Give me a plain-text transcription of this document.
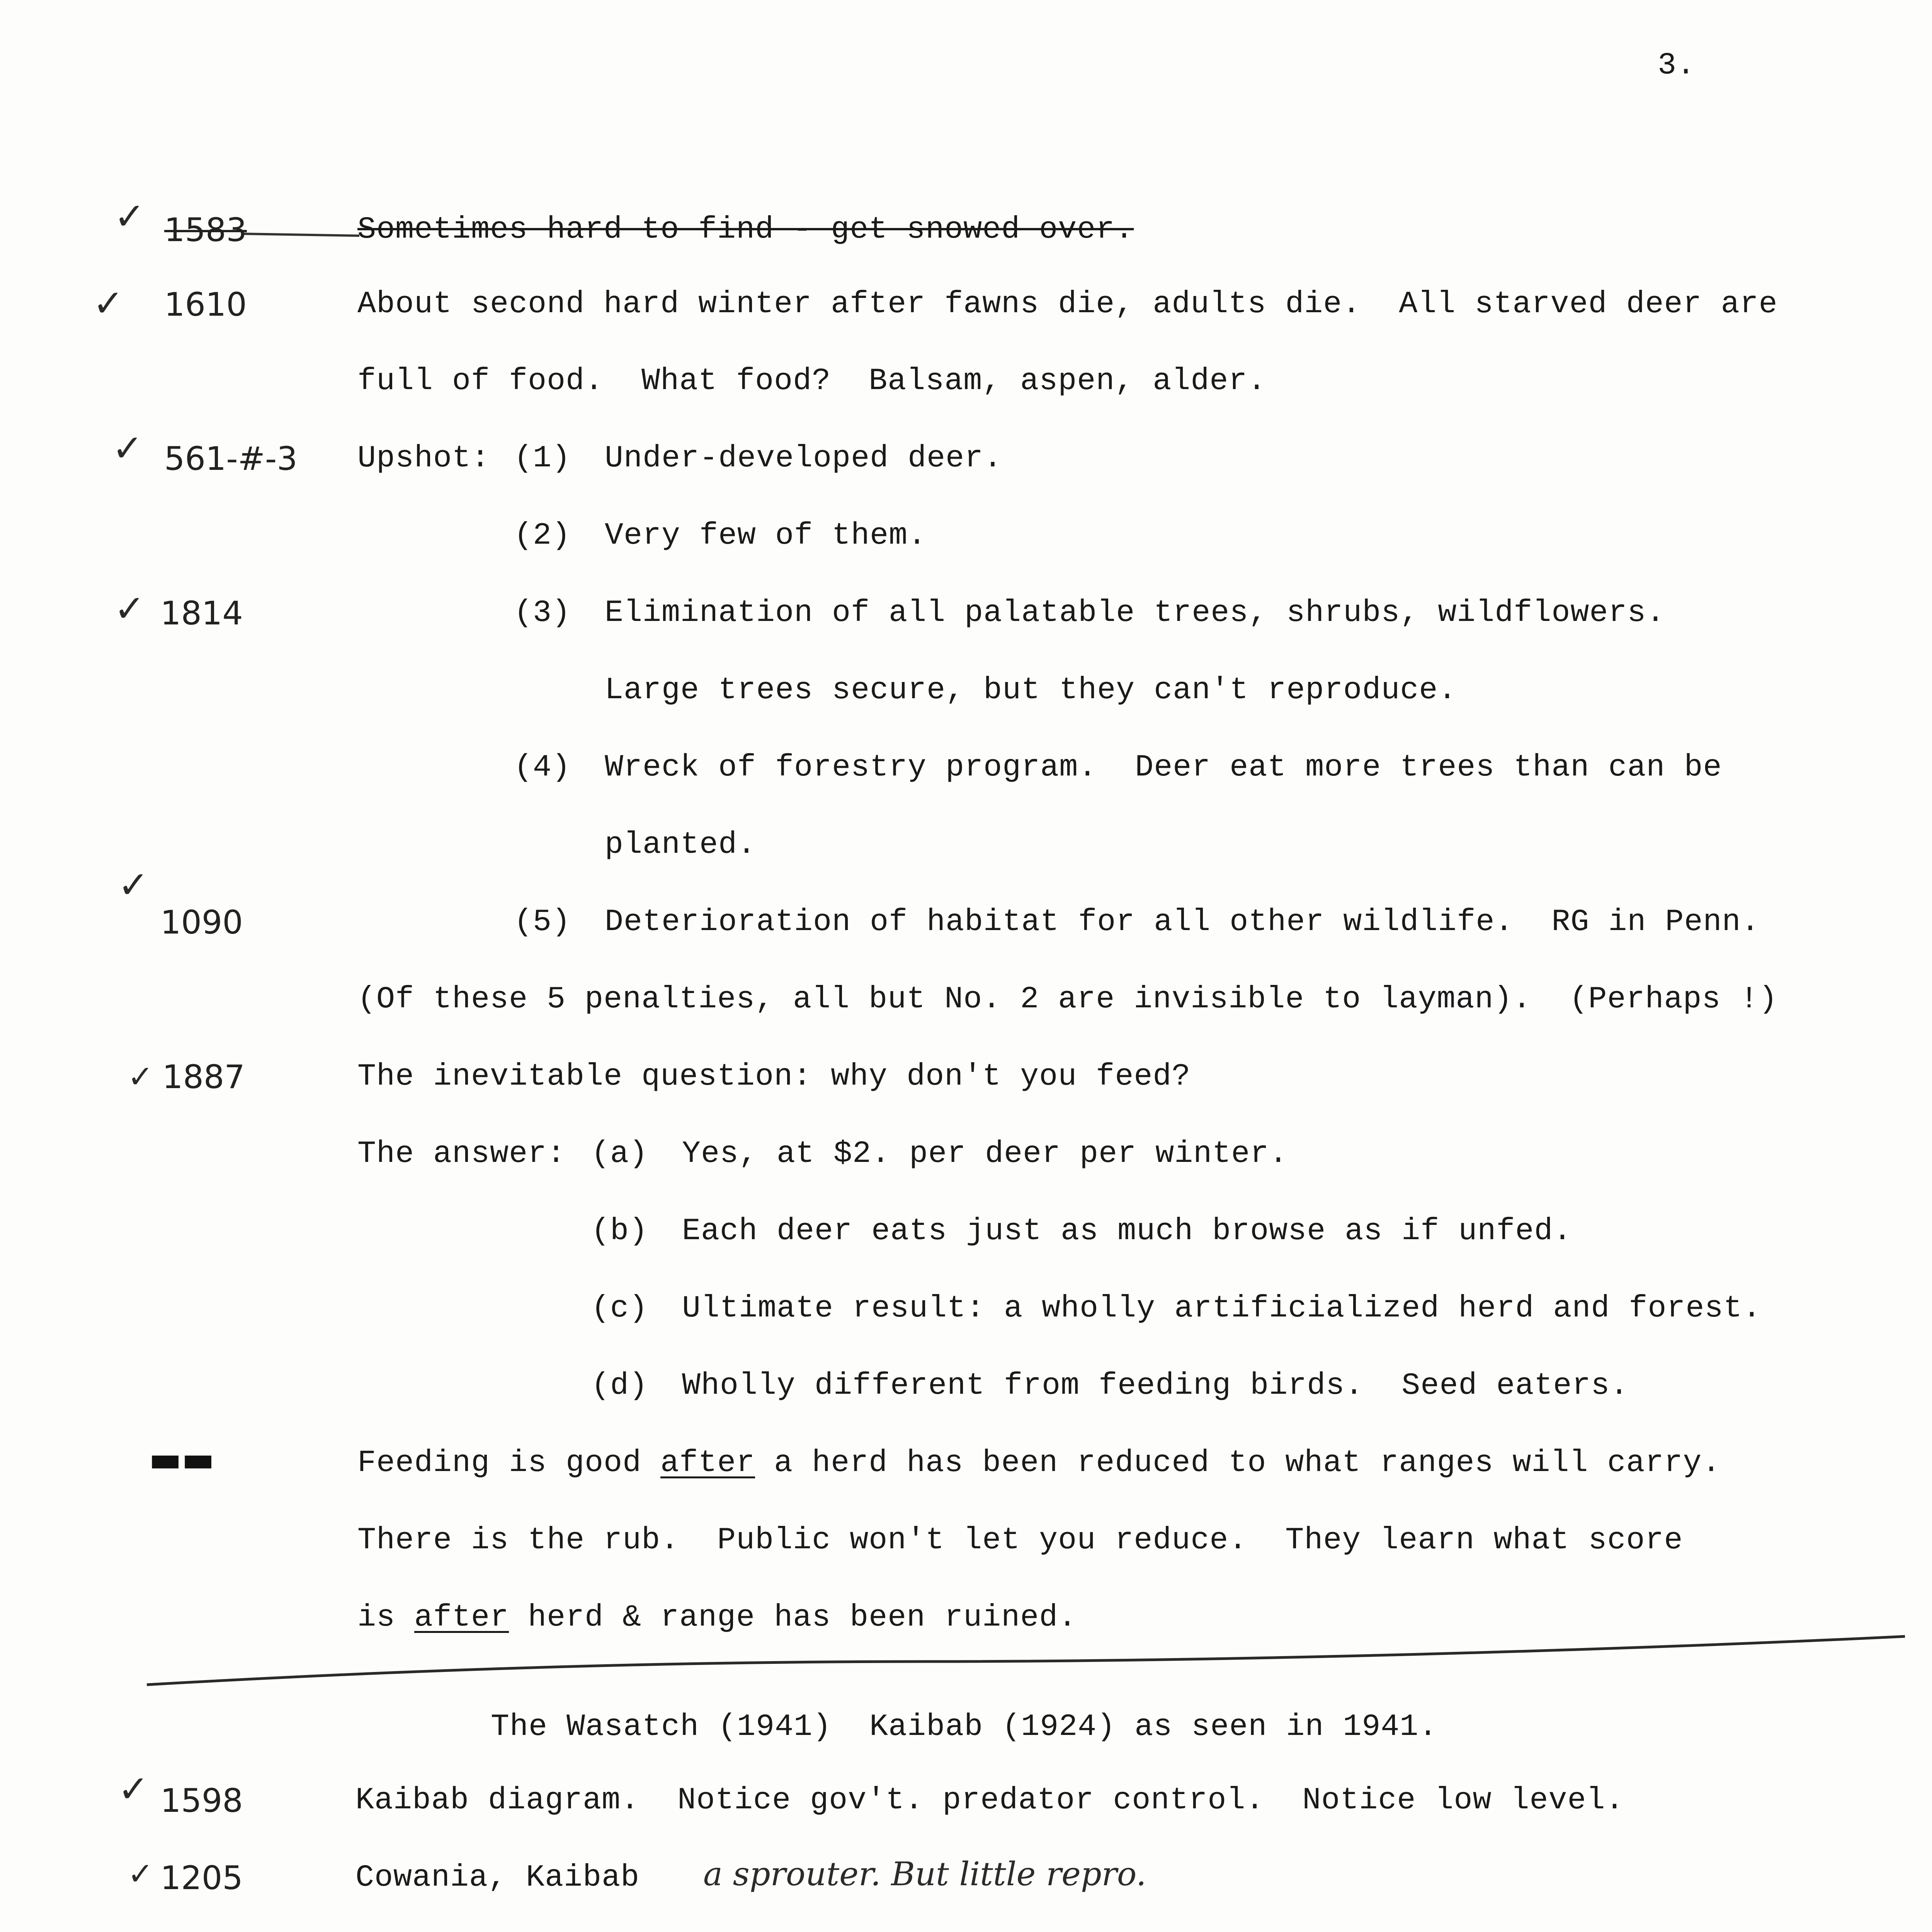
3.
✓ 1583	Sometimes hard to find - get snowed over.
✓ 1610	About second hard winter after fawns die, adults die.  All starved deer are
full of food.  What food?  Balsam, aspen, alder.
✓ 561-#-3 Upshot: (1) Under-developed deer.
(2) Very few of them.
✓ 1814	(3) Elimination of all palatable trees, shrubs, wildflowers.
Large trees secure, but they can't reproduce.
(4) Wreck of forestry program.  Deer eat more trees than can be
planted.
✓
1090	(5) Deterioration of habitat for all other wildlife.  RG in Penn.
(Of these 5 penalties, all but No. 2 are invisible to layman).  (Perhaps !)
✓ 1887	The inevitable question: why don't you feed?
The answer: (a) Yes, at $2. per deer per winter.
(b) Each deer eats just as much browse as if unfed.
(c) Ultimate result: a wholly artificialized herd and forest.
(d) Wholly different from feeding birds.  Seed eaters.
▬▬	Feeding is good after a herd has been reduced to what ranges will carry.
There is the rub.  Public won't let you reduce.  They learn what score
is after herd & range has been ruined.
The Wasatch (1941)  Kaibab (1924) as seen in 1941.
✓ 1598	Kaibab diagram.  Notice gov't. predator control.  Notice low level.
✓ 1205	Cowania, Kaibab a sprouter. But little repro.
